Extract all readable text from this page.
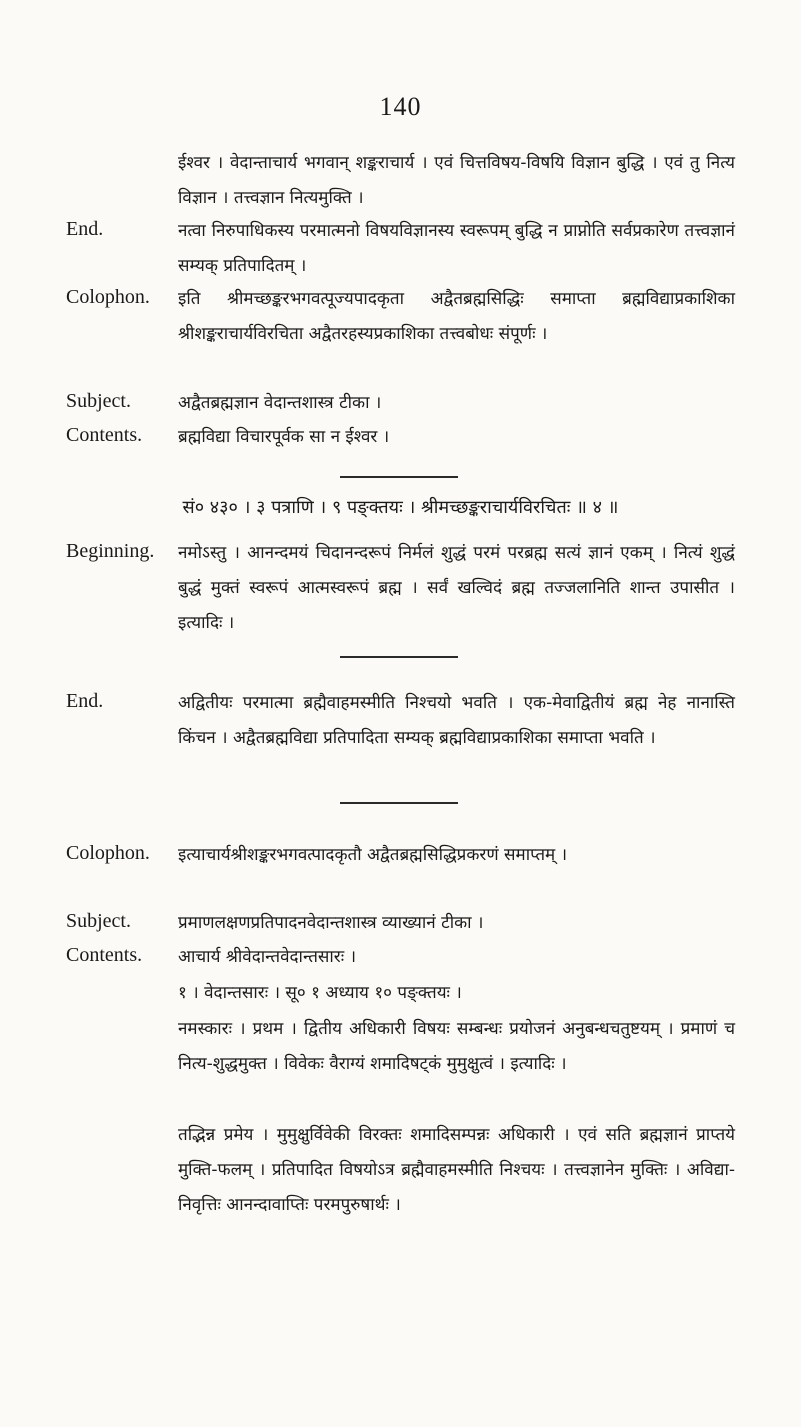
140
ईश्वर । वेदान्ताचार्य भगवान् शङ्कराचार्य । एवं चित्तविषय-विषयि विज्ञान बुद्धि । एवं तु नित्य विज्ञान । तत्त्वज्ञान नित्यमुक्ति ।
End.	नत्वा निरुपाधिकस्य परमात्मनो विषयविज्ञानस्य स्वरूपम् बुद्धि न प्राप्नोति सर्वप्रकारेण तत्त्वज्ञानं सम्यक् प्रतिपादितम् ।
Colophon. इति श्रीमच्छङ्करभगवत्पूज्यपादकृता अद्वैतब्रह्मसिद्धिः समाप्ता ब्रह्मविद्याप्रकाशिका श्रीशङ्कराचार्यविरचिता अद्वैतरहस्यप्रकाशिका तत्त्वबोधः संपूर्णः ।
Subject.	अद्वैतब्रह्मज्ञान वेदान्तशास्त्र टीका ।
Contents. ब्रह्मविद्या विचारपूर्वक सा न ईश्वर ।
सं० ४३० । ३ पत्राणि । ९ पङ्क्तयः । श्रीमच्छङ्कराचार्यविरचितः ॥ ४ ॥
Beginning. नमोऽस्तु । आनन्दमयं चिदानन्दरूपं निर्मलं शुद्धं परमं परब्रह्म सत्यं ज्ञानं एकम् । नित्यं शुद्धं बुद्धं मुक्तं स्वरूपं आत्मस्वरूपं ब्रह्म । सर्वं खल्विदं ब्रह्म तज्जलानिति शान्त उपासीत । इत्यादिः ।
End.	अद्वितीयः परमात्मा ब्रह्मैवाहमस्मीति निश्चयो भवति । एक-मेवाद्वितीयं ब्रह्म नेह नानास्ति किंचन । अद्वैतब्रह्मविद्या प्रतिपादिता सम्यक् ब्रह्मविद्याप्रकाशिका समाप्ता भवति ।
Colophon. इत्याचार्यश्रीशङ्करभगवत्पादकृतौ अद्वैतब्रह्मसिद्धिप्रकरणं समाप्तम् ।
Subject.	प्रमाणलक्षणप्रतिपादनवेदान्तशास्त्र व्याख्यानं टीका ।
Contents. आचार्य श्रीवेदान्तवेदान्तसारः ।
१ । वेदान्तसारः । सू० १ अध्याय १० पङ्क्तयः ।
नमस्कारः । प्रथम । द्वितीय अधिकारी विषयः सम्बन्धः प्रयोजनं अनुबन्धचतुष्टयम् । प्रमाणं च नित्य-शुद्धमुक्त । विवेकः वैराग्यं शमादिषट्कं मुमुक्षुत्वं । इत्यादिः ।
तद्भिन्न प्रमेय । मुमुक्षुर्विवेकी विरक्तः शमादिसम्पन्नः अधिकारी । एवं सति ब्रह्मज्ञानं प्राप्तये मुक्ति-फलम् । प्रतिपादित विषयोऽत्र ब्रह्मैवाहमस्मीति निश्चयः । तत्त्वज्ञानेन मुक्तिः । अविद्या-निवृत्तिः आनन्दावाप्तिः परमपुरुषार्थः ।
